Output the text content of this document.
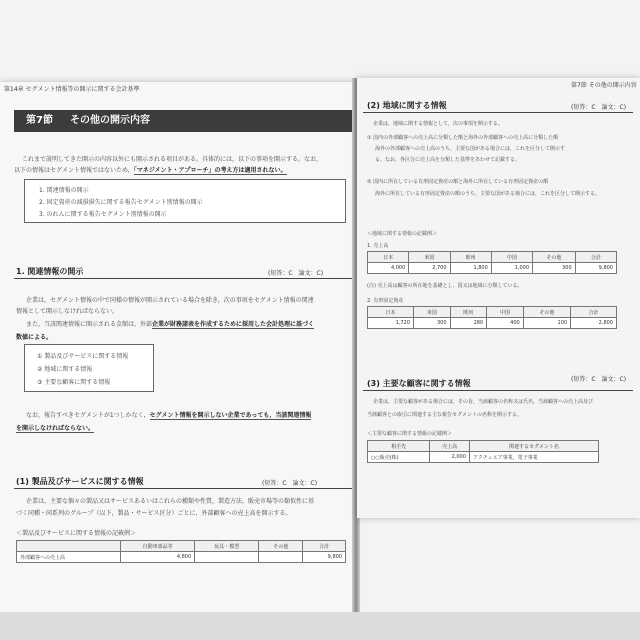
第14章 セグメント情報等の開示に関する会計基準
第7節 その他の開示内容
これまで説明してきた開示の内容以外にも開示される項目がある。具体的には，以下の事項を開示する。なお，
以下の情報はセグメント情報ではないため，「マネジメント・アプローチ」の考え方は適用されない。
1. 関連情報の開示
2. 固定資産の減損損失に関する報告セグメント別情報の開示
3. のれんに関する報告セグメント別情報の開示
1. 関連情報の開示	(短答：C　論文：C)
企業は，セグメント情報の中で同様の情報が開示されている場合を除き，次の事項をセグメント情報の関連
情報として開示しなければならない。
また，当該関連情報に開示される金額は，外部企業が財務諸表を作成するために採用した会計処理に基づく
数値による。
① 製品及びサービスに関する情報
② 地域に関する情報
③ 主要な顧客に関する情報
なお，報告すべきセグメントが1つしかなく，セグメント情報を開示しない企業であっても，当該関連情報
を開示しなければならない。
(1) 製品及びサービスに関する情報	(短答：C　論文：C)
企業は，主要な個々の製品又はサービスあるいはこれらの種類や性質，製造方法，販売市場等の類似性に基
づく同種・同系列のグループ（以下，製品・サービス区分）ごとに，外部顧客への売上高を開示する。
＜製品及びサービスに関する情報の記載例＞
	自動車部品等	玩具・模型	その他	合計
外部顧客への売上高	4,800			9,800
第7節 その他の開示内容
(2) 地域に関する情報	(短答：C　論文：C)
企業は，地域に関する情報として，次の事項を開示する。
① 国内の外部顧客への売上高に分類した額と海外の外部顧客への売上高に分類した額
海外の外部顧客への売上高のうち，主要な国がある場合には，これを区分して開示す
る。なお，各区分に売上高を分類した基準をあわせて記載する。
② 国内に所在している有形固定資産の額と海外に所在している有形固定資産の額
海外に所在している有形固定資産の額のうち，主要な国がある場合には，これを区分して開示する。
＜地域に関する情報の記載例＞
1. 売上高
日本	米国	欧州	中国	その他	合計
4,000	2,700	1,800	1,000	300	9,800
(注) 売上高は顧客の所在地を基礎とし，国又は地域に分類している。
2. 有形固定資産
日本	米国	欧州	中国	その他	合計
1,720	300	280	400	100	2,800
(3) 主要な顧客に関する情報	(短答：C　論文：C)
企業は，主要な顧客がある場合には，その旨，当該顧客の名称又は氏名，当該顧客への売上高及び
当該顧客との取引に関連する主な報告セグメントの名称を開示する。
＜主要な顧客に関する情報の記載例＞
相手先	売上高	関連するセグメント名
○○販売(株)	2,000	アクチュエア事業，電子事業
